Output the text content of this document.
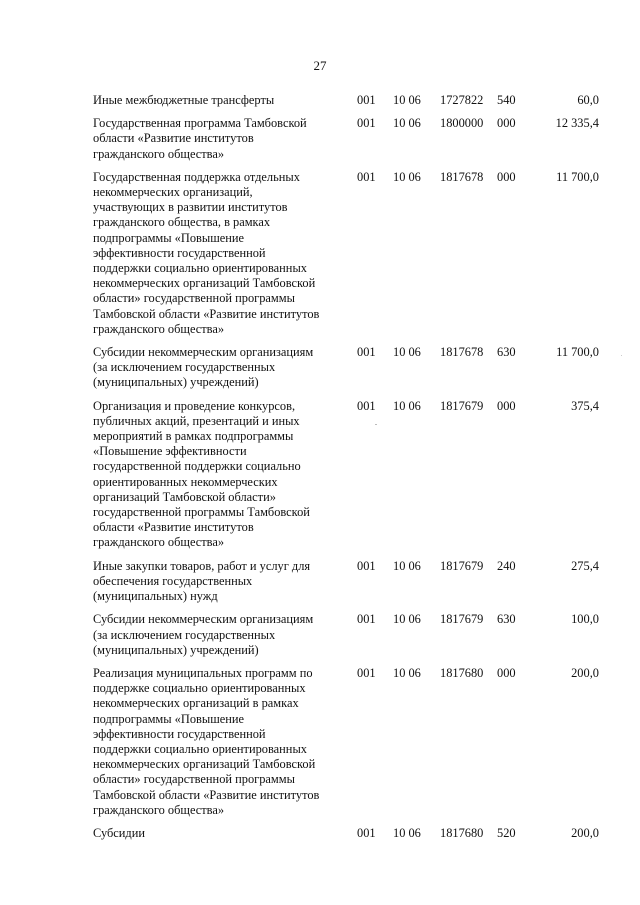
27
Иные межбюджетные трансферты	001 10 06 1727822 540	60,0
Государственная программа Тамбовской
области «Развитие институтов
гражданского общества»
001 10 06 1800000 000	12 335,4
Государственная поддержка отдельных
некоммерческих организаций,
участвующих в развитии институтов
гражданского общества, в рамках
подпрограммы «Повышение
эффективности государственной
поддержки социально ориентированных
некоммерческих организаций Тамбовской
области» государственной программы
Тамбовской области «Развитие институтов
гражданского общества»
001 10 06 1817678 000	11 700,0
Субсидии некоммерческим организациям
(за исключением государственных
(муниципальных) учреждений)
001 10 06 1817678 630	11 700,0
Организация и проведение конкурсов,
публичных акций, презентаций и иных
мероприятий в рамках подпрограммы
«Повышение эффективности
государственной поддержки социально
ориентированных некоммерческих
организаций Тамбовской области»
государственной программы Тамбовской
области «Развитие институтов
гражданского общества»
001 10 06 1817679 000	375,4
Иные закупки товаров, работ и услуг для
обеспечения государственных
(муниципальных) нужд
001 10 06 1817679 240	275,4
Субсидии некоммерческим организациям
(за исключением государственных
(муниципальных) учреждений)
001 10 06 1817679 630	100,0
Реализация муниципальных программ по
поддержке социально ориентированных
некоммерческих организаций в рамках
подпрограммы «Повышение
эффективности государственной
поддержки социально ориентированных
некоммерческих организаций Тамбовской
области» государственной программы
Тамбовской области «Развитие институтов
гражданского общества»
001 10 06 1817680 000	200,0
Субсидии	001 10 06 1817680 520	200,0
